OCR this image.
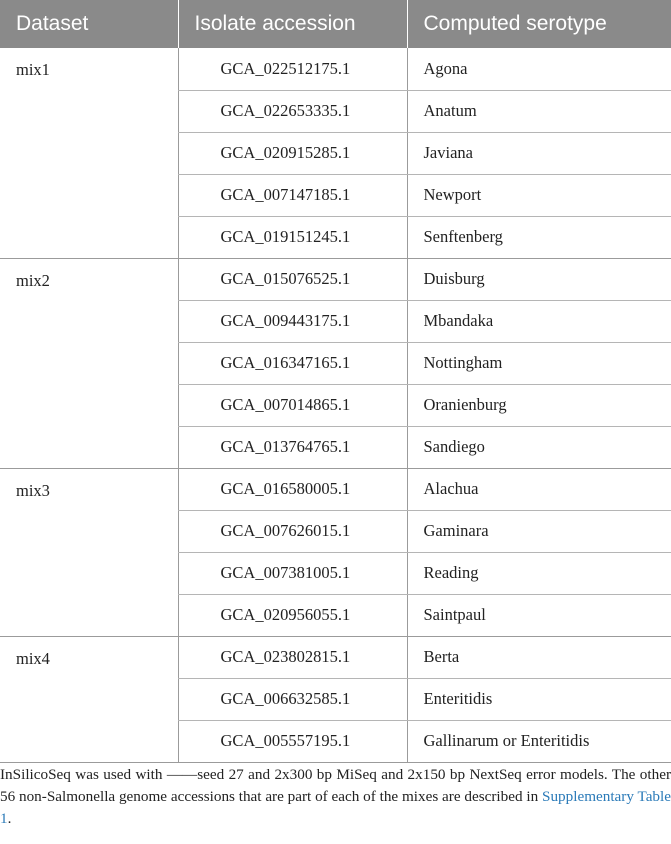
Dataset	Isolate accession	Computed serotype
mix1	GCA_022512175.1	Agona
	GCA_022653335.1	Anatum
	GCA_020915285.1	Javiana
	GCA_007147185.1	Newport
	GCA_019151245.1	Senftenberg
mix2	GCA_015076525.1	Duisburg
	GCA_009443175.1	Mbandaka
	GCA_016347165.1	Nottingham
	GCA_007014865.1	Oranienburg
	GCA_013764765.1	Sandiego
mix3	GCA_016580005.1	Alachua
	GCA_007626015.1	Gaminara
	GCA_007381005.1	Reading
	GCA_020956055.1	Saintpaul
mix4	GCA_023802815.1	Berta
	GCA_006632585.1	Enteritidis
	GCA_005557195.1	Gallinarum or Enteritidis

InSilicoSeq was used with ——seed 27 and 2x300 bp MiSeq and 2x150 bp NextSeq error models. The other 56 non-Salmonella genome accessions that are part of each of the mixes are described in Supplementary Table 1.
